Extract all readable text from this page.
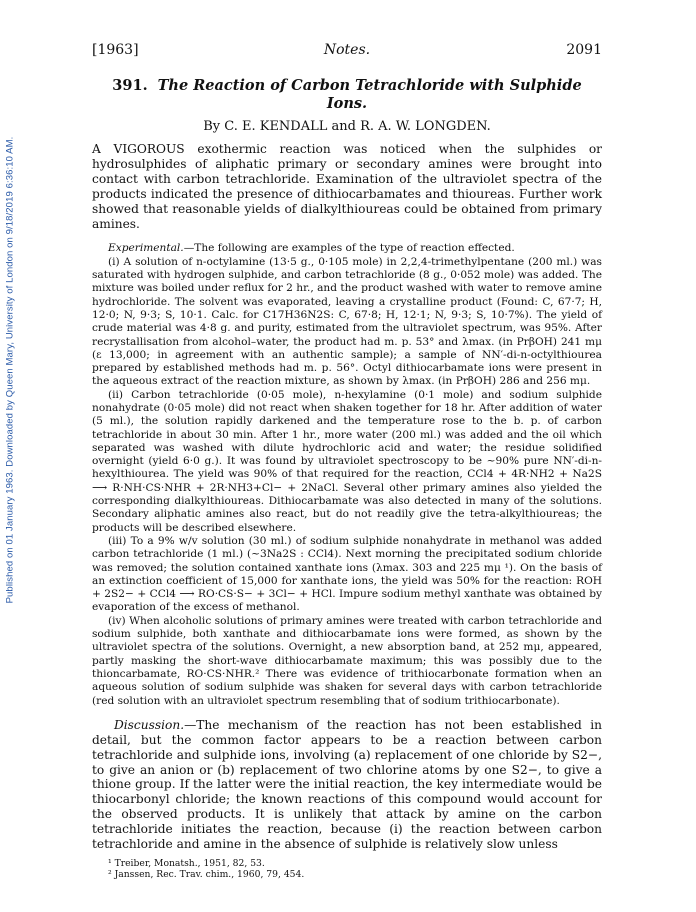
Published on 01 January 1963. Downloaded by Queen Mary, University of London on 9/18/2019 6:36:10 AM.
[1963]	Notes.	2091
391. The Reaction of Carbon Tetrachloride with Sulphide Ions.
By C. E. KENDALL and R. A. W. LONGDEN.

A VIGOROUS exothermic reaction was noticed when the sulphides or hydrosulphides of aliphatic primary or secondary amines were brought into contact with carbon tetrachloride. Examination of the ultraviolet spectra of the products indicated the presence of dithiocarbamates and thioureas. Further work showed that reasonable yields of dialkylthioureas could be obtained from primary amines.

Experimental.—The following are examples of the type of reaction effected.

(i) A solution of n-octylamine (13·5 g., 0·105 mole) in 2,2,4-trimethylpentane (200 ml.) was saturated with hydrogen sulphide, and carbon tetrachloride (8 g., 0·052 mole) was added. The mixture was boiled under reflux for 2 hr., and the product washed with water to remove amine hydrochloride. The solvent was evaporated, leaving a crystalline product (Found: C, 67·7; H, 12·0; N, 9·3; S, 10·1. Calc. for C17H36N2S: C, 67·8; H, 12·1; N, 9·3; S, 10·7%). The yield of crude material was 4·8 g. and purity, estimated from the ultraviolet spectrum, was 95%. After recrystallisation from alcohol–water, the product had m. p. 53° and λmax. (in PrβOH) 241 mμ (ε 13,000; in agreement with an authentic sample); a sample of NN′-di-n-octylthiourea prepared by established methods had m. p. 56°. Octyl dithiocarbamate ions were present in the aqueous extract of the reaction mixture, as shown by λmax. (in PrβOH) 286 and 256 mμ.

(ii) Carbon tetrachloride (0·05 mole), n-hexylamine (0·1 mole) and sodium sulphide nonahydrate (0·05 mole) did not react when shaken together for 18 hr. After addition of water (5 ml.), the solution rapidly darkened and the temperature rose to the b. p. of carbon tetrachloride in about 30 min. After 1 hr., more water (200 ml.) was added and the oil which separated was washed with dilute hydrochloric acid and water; the residue solidified overnight (yield 6·0 g.). It was found by ultraviolet spectroscopy to be ~90% pure NN′-di-n-hexylthiourea. The yield was 90% of that required for the reaction, CCl4 + 4R·NH2 + Na2S ⟶ R·NH·CS·NHR + 2R·NH3+Cl− + 2NaCl. Several other primary amines also yielded the corresponding dialkylthioureas. Dithiocarbamate was also detected in many of the solutions. Secondary aliphatic amines also react, but do not readily give the tetra-alkylthioureas; the products will be described elsewhere.

(iii) To a 9% w/v solution (30 ml.) of sodium sulphide nonahydrate in methanol was added carbon tetrachloride (1 ml.) (~3Na2S : CCl4). Next morning the precipitated sodium chloride was removed; the solution contained xanthate ions (λmax. 303 and 225 mμ ¹). On the basis of an extinction coefficient of 15,000 for xanthate ions, the yield was 50% for the reaction: ROH + 2S2− + CCl4 ⟶ RO·CS·S− + 3Cl− + HCl. Impure sodium methyl xanthate was obtained by evaporation of the excess of methanol.

(iv) When alcoholic solutions of primary amines were treated with carbon tetrachloride and sodium sulphide, both xanthate and dithiocarbamate ions were formed, as shown by the ultraviolet spectra of the solutions. Overnight, a new absorption band, at 252 mμ, appeared, partly masking the short-wave dithiocarbamate maximum; this was possibly due to the thioncarbamate, RO·CS·NHR.² There was evidence of trithiocarbonate formation when an aqueous solution of sodium sulphide was shaken for several days with carbon tetrachloride (red solution with an ultraviolet spectrum resembling that of sodium trithiocarbonate).

Discussion.—The mechanism of the reaction has not been established in detail, but the common factor appears to be a reaction between carbon tetrachloride and sulphide ions, involving (a) replacement of one chloride by S2−, to give an anion or (b) replacement of two chlorine atoms by one S2−, to give a thione group. If the latter were the initial reaction, the key intermediate would be thiocarbonyl chloride; the known reactions of this compound would account for the observed products. It is unlikely that attack by amine on the carbon tetrachloride initiates the reaction, because (i) the reaction between carbon tetrachloride and amine in the absence of sulphide is relatively slow unless

¹ Treiber, Monatsh., 1951, 82, 53.
² Janssen, Rec. Trav. chim., 1960, 79, 454.
